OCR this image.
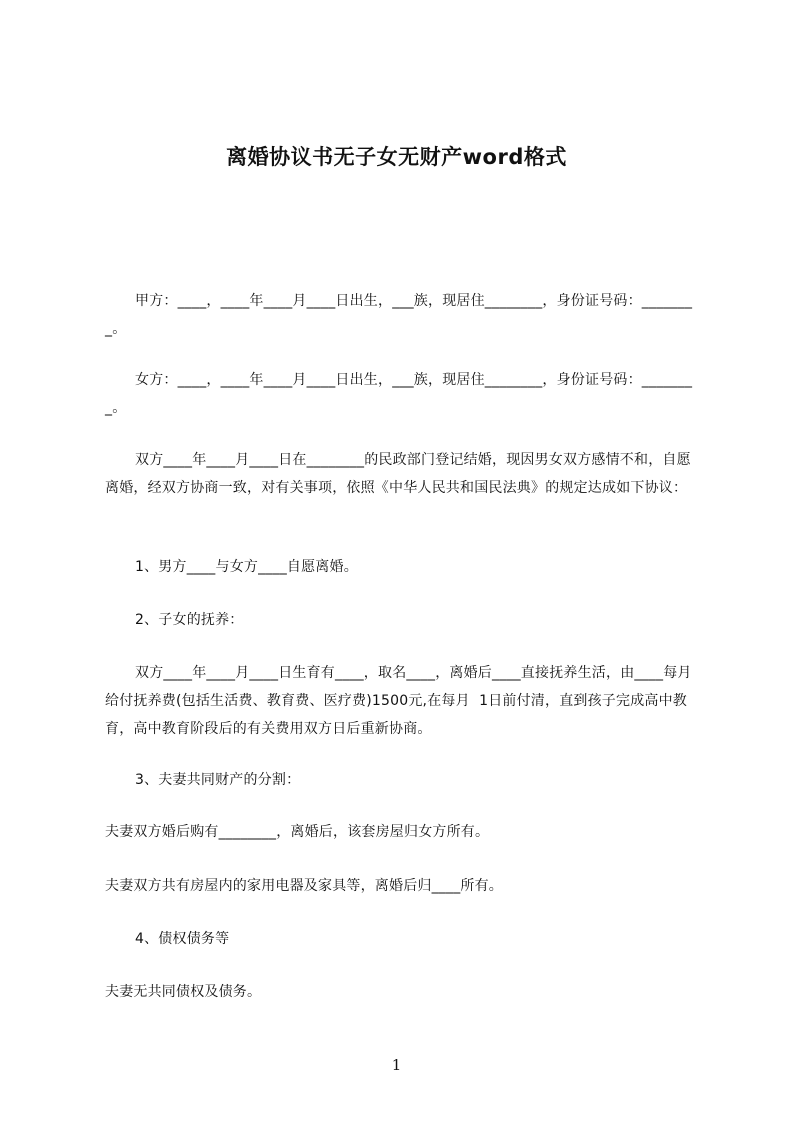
离婚协议书无子女无财产word格式
甲方：____，____年____月____日出生，___族，现居住________，身份证号码：________。
女方：____，____年____月____日出生，___族，现居住________，身份证号码：________。
双方____年____月____日在________的民政部门登记结婚，现因男女双方感情不和，自愿离婚，经双方协商一致，对有关事项，依照《中华人民共和国民法典》的规定达成如下协议：
1、男方____与女方____自愿离婚。
2、子女的抚养：
双方____年____月____日生育有____，取名____，离婚后____直接抚养生活，由____每月给付抚养费(包括生活费、教育费、医疗费)1500元,在每月  1日前付清，直到孩子完成高中教育，高中教育阶段后的有关费用双方日后重新协商。
3、夫妻共同财产的分割：
夫妻双方婚后购有________，离婚后，该套房屋归女方所有。
夫妻双方共有房屋内的家用电器及家具等，离婚后归____所有。
4、债权债务等
夫妻无共同债权及债务。
1
